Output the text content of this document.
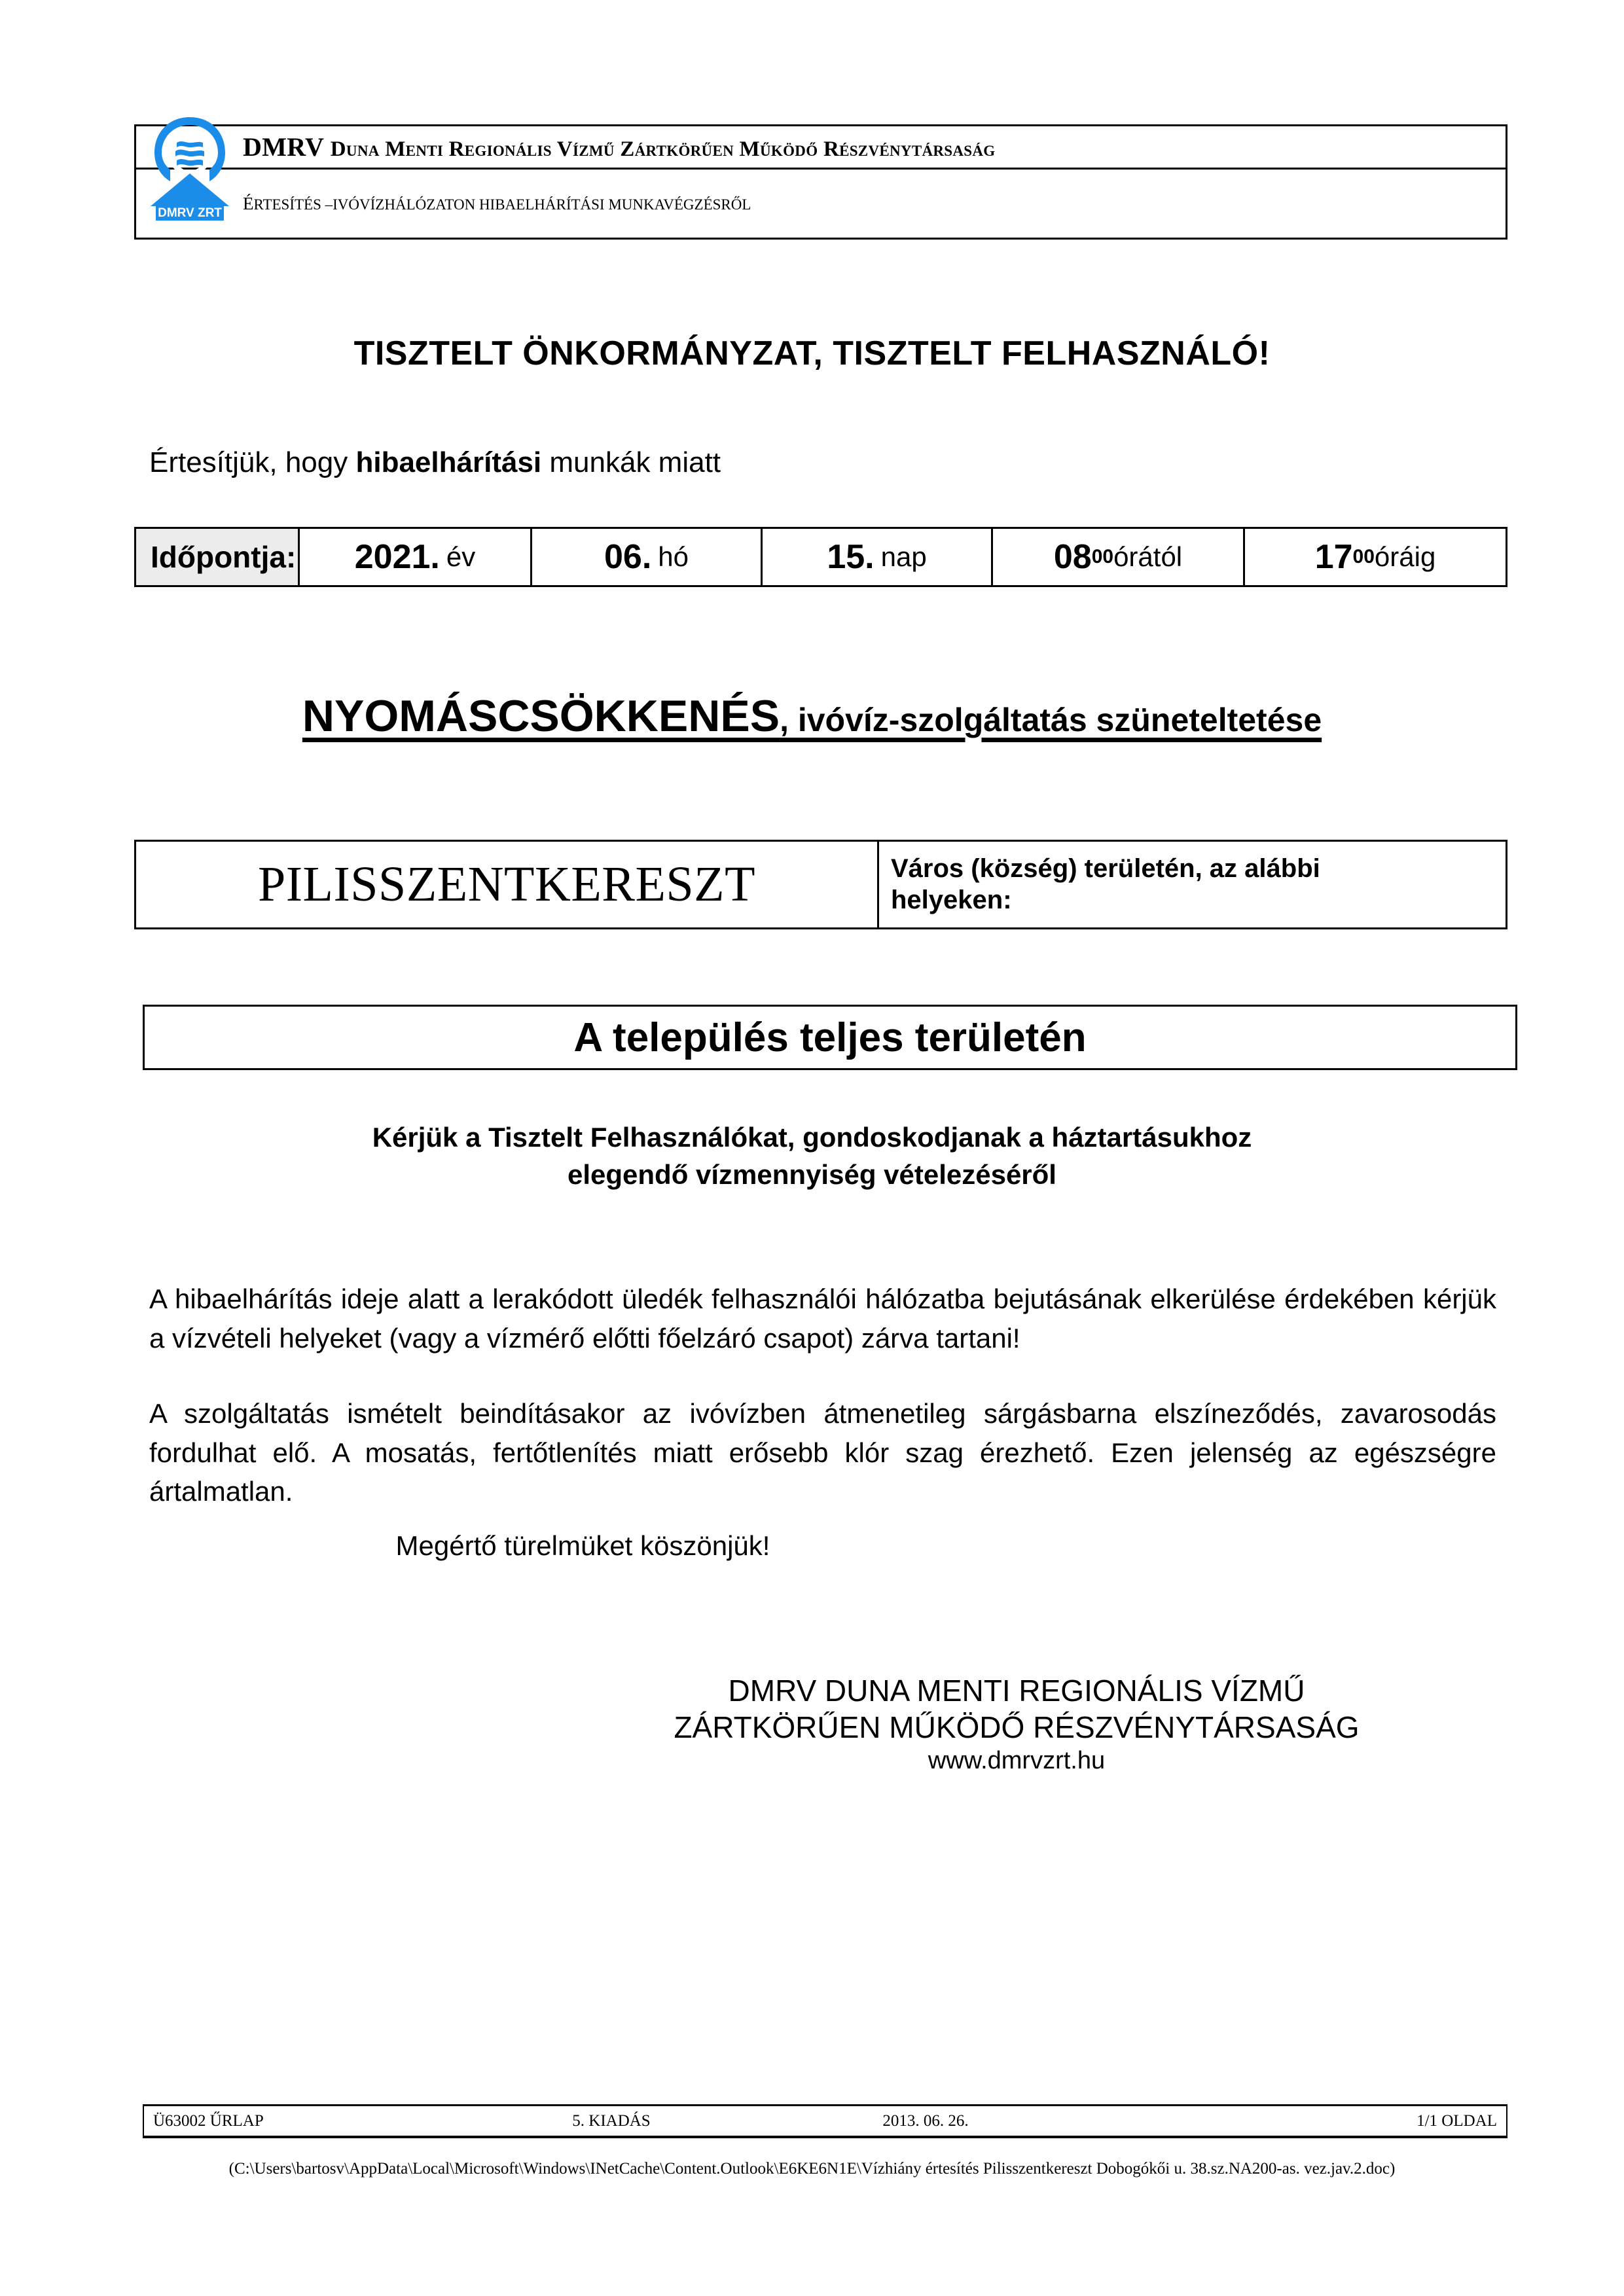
DMRV ZRT
DMRV Duna Menti Regionális Vízmű Zártkörűen Működő Részvénytársaság
ÉRTESÍTÉS –IVÓVÍZHÁLÓZATON HIBAELHÁRÍTÁSI MUNKAVÉGZÉSRŐL
TISZTELT ÖNKORMÁNYZAT, TISZTELT FELHASZNÁLÓ!
Értesítjük, hogy hibaelhárítási munkák miatt
Időpontja: 2021. év	06. hó	15. nap	08 00 órától	17 00 óráig
NYOMÁSCSÖKKENÉS, ivóvíz-szolgáltatás szüneteltetése
PILISSZENTKERESZT	Város (község) területén, az alábbi
helyeken:
A település teljes területén
Kérjük a Tisztelt Felhasználókat, gondoskodjanak a háztartásukhoz
elegendő vízmennyiség vételezéséről
A hibaelhárítás ideje alatt a lerakódott üledék felhasználói hálózatba bejutásának elkerülése érdekében kérjük a vízvételi helyeket (vagy a vízmérő előtti főelzáró csapot) zárva tartani!
A szolgáltatás ismételt beindításakor az ivóvízben átmenetileg sárgásbarna elszíneződés, zavarosodás fordulhat elő. A mosatás, fertőtlenítés miatt erősebb klór szag érezhető. Ezen jelenség az egészségre ártalmatlan.
Megértő türelmüket köszönjük!
DMRV DUNA MENTI REGIONÁLIS VÍZMŰ
ZÁRTKÖRŰEN MŰKÖDŐ RÉSZVÉNYTÁRSASÁG
www.dmrvzrt.hu
Ü63002 ŰRLAP	5. KIADÁS	2013. 06. 26.	1/1 OLDAL
(C:\Users\bartosv\AppData\Local\Microsoft\Windows\INetCache\Content.Outlook\E6KE6N1E\Vízhiány értesítés Pilisszentkereszt Dobogókői u. 38.sz.NA200-as. vez.jav.2.doc)
